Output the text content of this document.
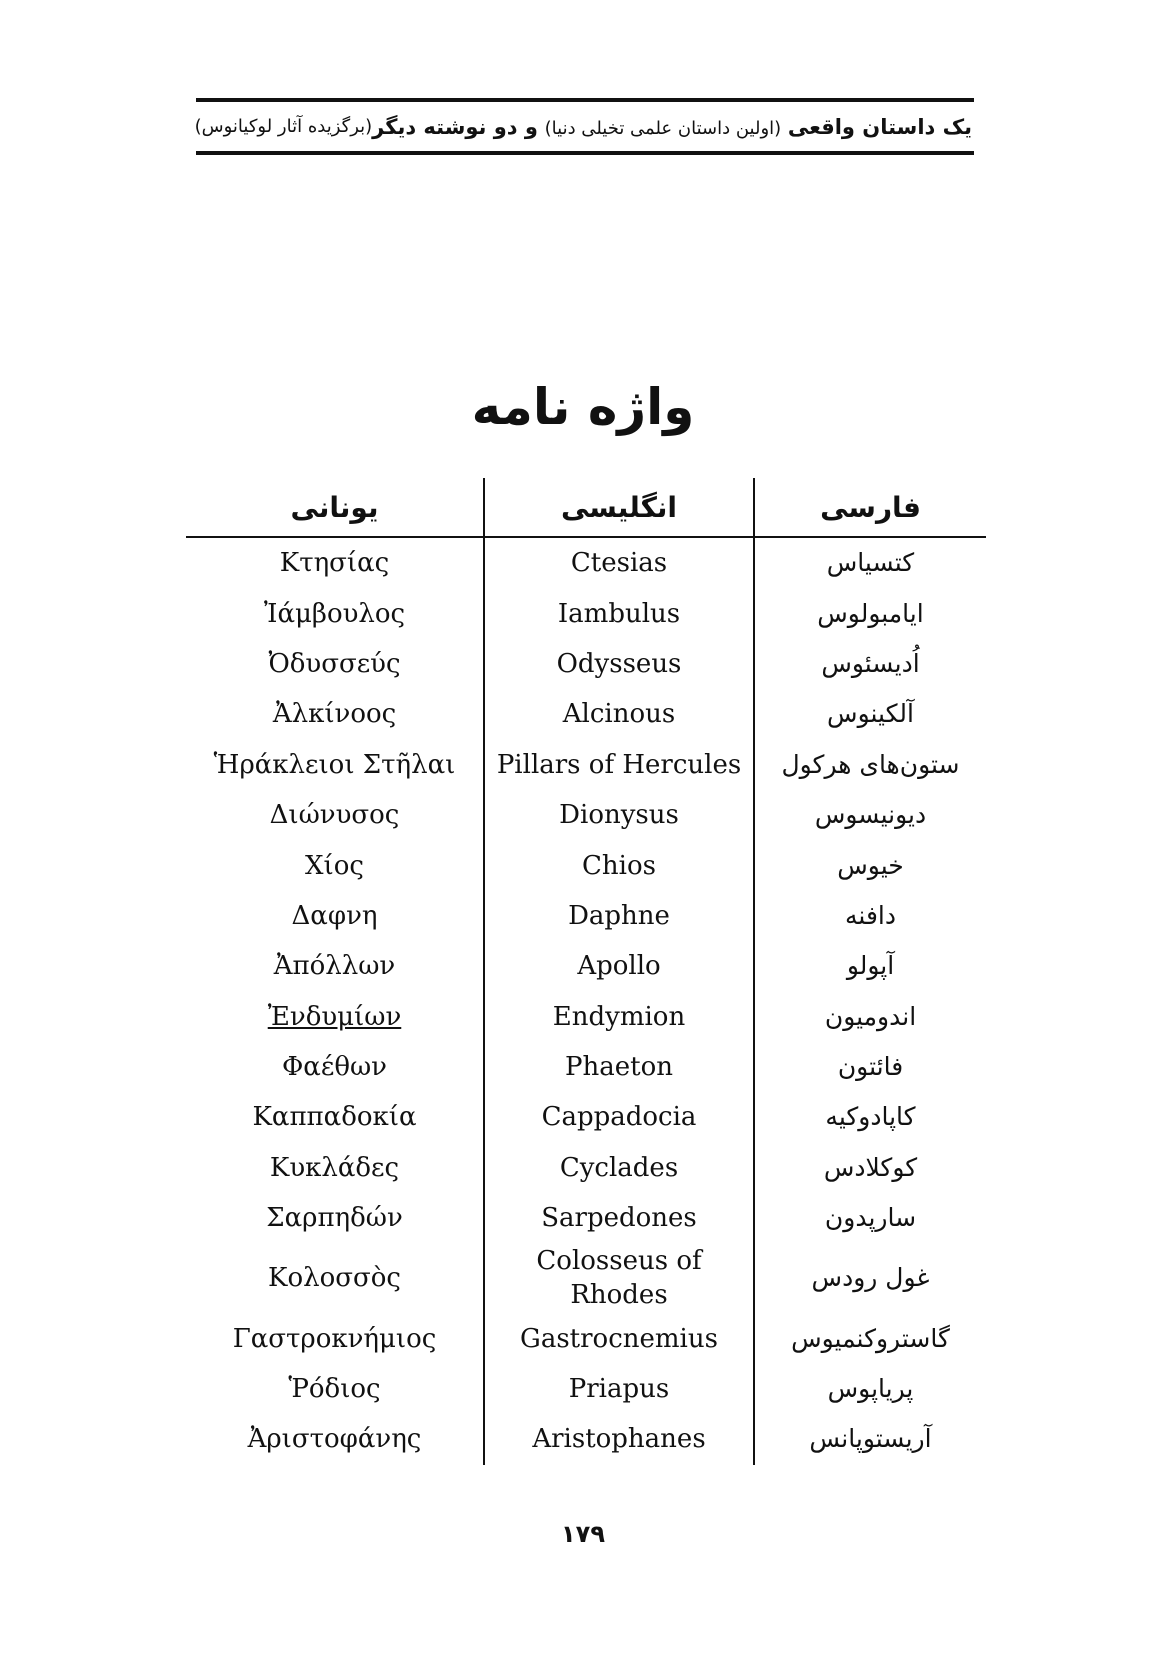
یک داستان واقعی (اولین داستان علمی تخیلی دنیا) و دو نوشته دیگر
(برگزیده آثار لوکیانوس)
واژه نامه
یونانی	انگلیسی	فارسی
Κτησίας	Ctesias	کتسیاس
Ἰάμβουλος	Iambulus	ایامبولوس
Ὀδυσσεύς	Odysseus	اُدیسئوس
Ἀλκίνοος	Alcinous	آلکینوس
Ἡράκλειοι Στῆλαι	Pillars of Hercules	ستون‌های هرکول
Διώνυσος	Dionysus	دیونیسوس
Χίος	Chios	خیوس
Δαφνη	Daphne	دافنه
Ἀπόλλων	Apollo	آپولو
Ἐνδυμίων	Endymion	اندومیون
Φαέθων	Phaeton	فائتون
Καππαδοκία	Cappadocia	کاپادوکیه
Κυκλάδες	Cyclades	کوکلادس
Σαρπηδών	Sarpedones	سارپدون
Κολοσσὸς	Colosseus of Rhodes	غول رودس
Γαστροκνήμιος	Gastrocnemius	گاستروکنمیوس
Ῥόδιος	Priapus	پریاپوس
Ἀριστοφάνης	Aristophanes	آریستوپانس
۱۷۹
